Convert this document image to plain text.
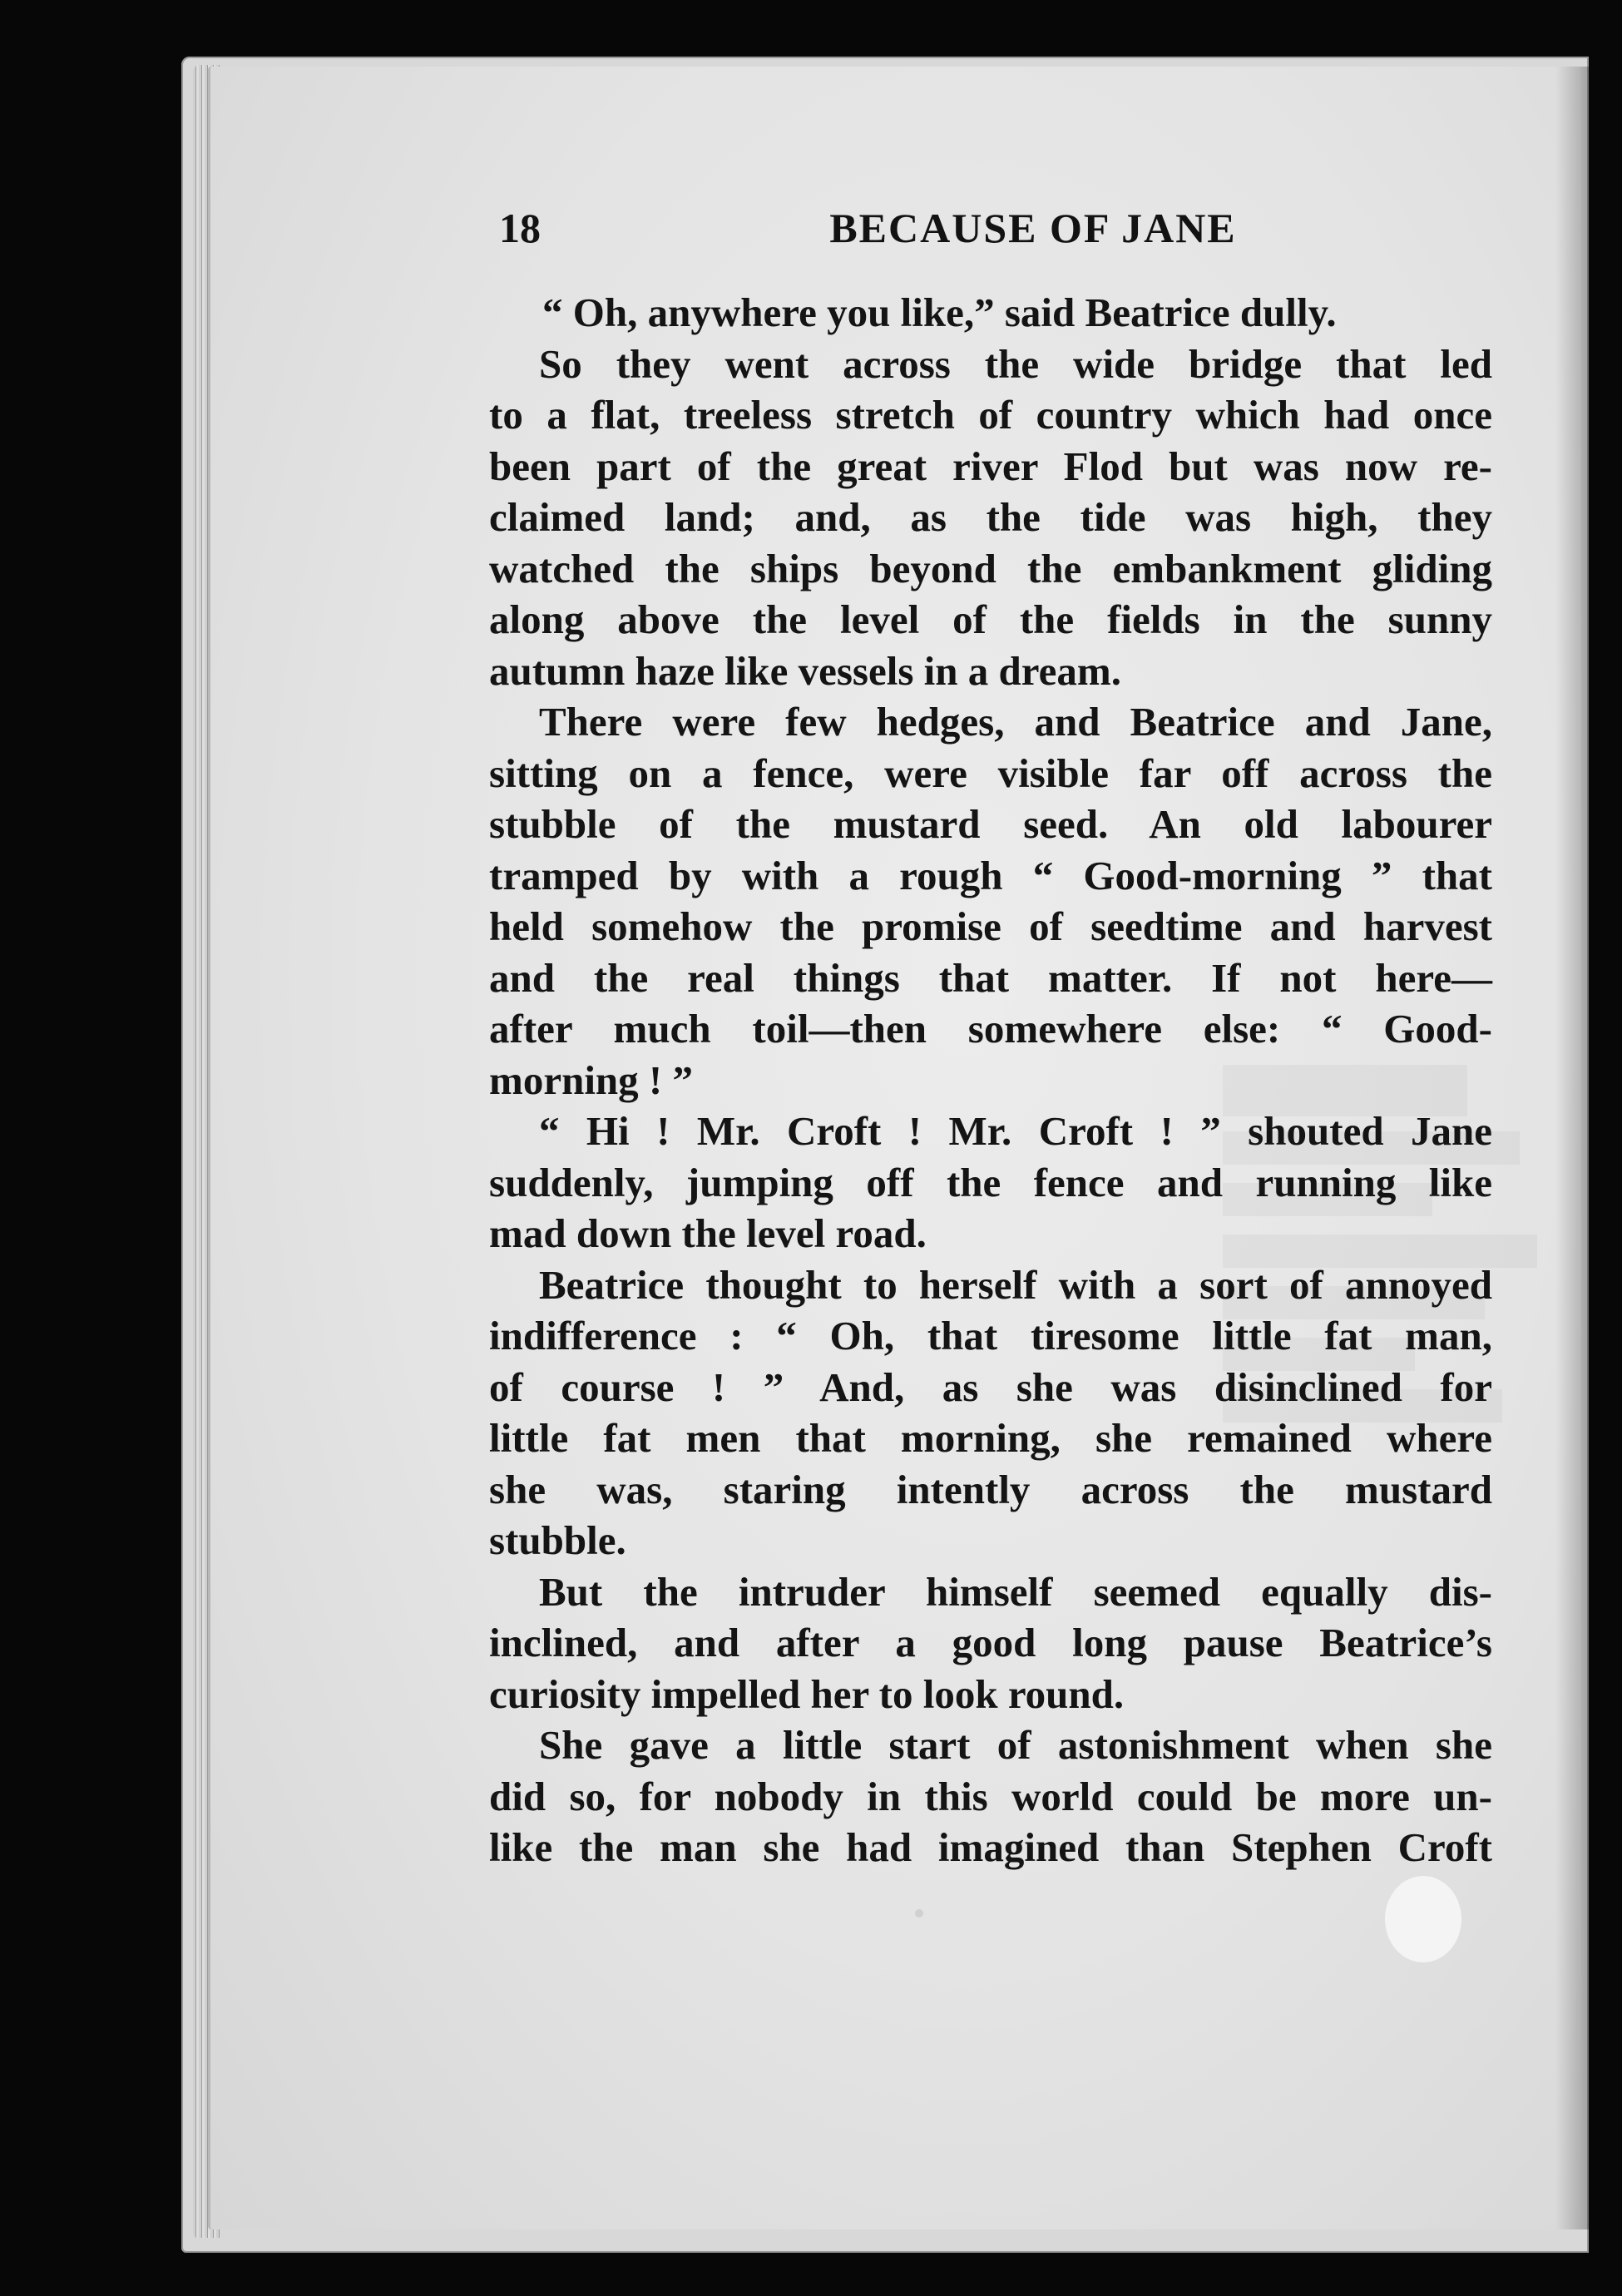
18	BECAUSE OF JANE
“ Oh, anywhere you like,” said Beatrice dully.
So they went across the wide bridge that led
to a flat, treeless stretch of country which had once
been part of the great river Flod but was now re-
claimed land; and, as the tide was high, they
watched the ships beyond the embankment gliding
along above the level of the fields in the sunny
autumn haze like vessels in a dream.
There were few hedges, and Beatrice and Jane,
sitting on a fence, were visible far off across the
stubble of the mustard seed. An old labourer
tramped by with a rough “ Good-morning ” that
held somehow the promise of seedtime and harvest
and the real things that matter. If not here—
after much toil—then somewhere else: “ Good-
morning ! ”
“ Hi ! Mr. Croft ! Mr. Croft ! ” shouted Jane
suddenly, jumping off the fence and running like
mad down the level road.
Beatrice thought to herself with a sort of annoyed
indifference : “ Oh, that tiresome little fat man,
of course ! ” And, as she was disinclined for
little fat men that morning, she remained where
she was, staring intently across the mustard
stubble.
But the intruder himself seemed equally dis-
inclined, and after a good long pause Beatrice’s
curiosity impelled her to look round.
She gave a little start of astonishment when she
did so, for nobody in this world could be more un-
like the man she had imagined than Stephen Croft
